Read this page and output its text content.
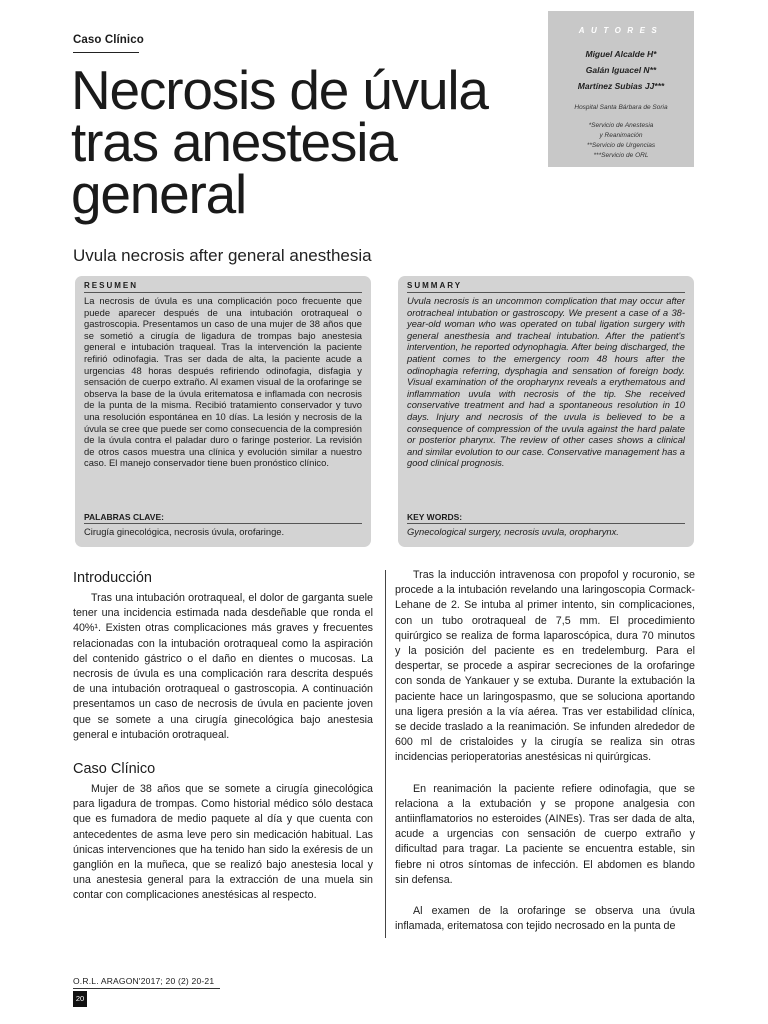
Caso Clínico
Necrosis de úvula
tras anestesia
general
Uvula necrosis after general anesthesia
AUTORES
Miguel Alcalde H*
Galán Iguacel N**
Martínez Subias JJ***
Hospital Santa Bárbara de Soria
*Servicio de Anestesia
y Reanimación
**Servicio de Urgencias
***Servicio de ORL
RESUMEN
La necrosis de úvula es una complicación poco frecuente que puede aparecer después de una intubación orotraqueal o gastroscopia. Presentamos un caso de una mujer de 38 años que se sometió a cirugía de ligadura de trompas bajo anestesia general e intubación traqueal. Tras la intervención la paciente refirió odinofagia. Tras ser dada de alta, la paciente acude a urgencias 48 horas después refiriendo odinofagia, disfagia y sensación de cuerpo extraño. Al examen visual de la orofaringe se observa la base de la úvula eritematosa e inflamada con necrosis de la punta de la misma. Recibió tratamiento conservador y tuvo una resolución espontánea en 10 días. La lesión y necrosis de la úvula se cree que puede ser como consecuencia de la compresión de la úvula contra el paladar duro o faringe posterior. La revisión de otros casos muestra una clínica y evolución similar a nuestro caso. El manejo conservador tiene buen pronóstico clínico.
PALABRAS CLAVE:
Cirugía ginecológica, necrosis úvula, orofaringe.
SUMMARY
Uvula necrosis is an uncommon complication that may occur after orotracheal intubation or gastroscopy. We present a case of a 38-year-old woman who was operated on tubal ligation surgery with general anesthesia and tracheal intubation. After the patient's intervention, he reported odynophagia. After being discharged, the patient comes to the emergency room 48 hours after the odinophagia referring, dysphagia and sensation of foreign body. Visual examination of the oropharynx reveals a erythematous and inflammation uvula with necrosis of the tip. She received conservative treatment and had a spontaneous resolution in 10 days. Injury and necrosis of the uvula is believed to be a consequence of compression of the uvula against the hard palate or posterior pharynx. The review of other cases shows a clinical and similar evolution to our case. Conservative management has a good clinical prognosis.
KEY WORDS:
Gynecological surgery, necrosis uvula, oropharynx.
Introducción

Tras una intubación orotraqueal, el dolor de garganta suele tener una incidencia estimada nada desdeñable que ronda el 40%¹. Existen otras complicaciones más graves y frecuentes relacionadas con la intubación orotraqueal como la aspiración del contenido gástrico o el daño en dientes o mucosas. La necrosis de úvula es una complicación rara descrita después de una intubación orotraqueal o gastroscopia. A continuación presentamos un caso de necrosis de úvula en paciente joven que se somete a una cirugía ginecológica bajo anestesia general e intubación orotraqueal.

Caso Clínico

Mujer de 38 años que se somete a cirugía ginecológica para ligadura de trompas. Como historial médico sólo destaca que es fumadora de medio paquete al día y que cuenta con antecedentes de asma leve pero sin medicación habitual. Las únicas intervenciones que ha tenido han sido la exéresis de un ganglión en la muñeca, que se realizó bajo anestesia local y una anestesia general para la extracción de una muela sin contar con complicaciones anestésicas al respecto.

Tras la inducción intravenosa con propofol y rocuronio, se procede a la intubación revelando una laringoscopia Cormack-Lehane de 2. Se intuba al primer intento, sin complicaciones, con un tubo orotraqueal de 7,5 mm. El procedimiento quirúrgico se realiza de forma laparoscópica, dura 70 minutos y la posición del paciente es en tredelemburg. Para el despertar, se procede a aspirar secreciones de la orofaringe con sonda de Yankauer y se extuba. Durante la extubación la paciente hace un laringospasmo, que se soluciona aportando una ligera presión a la vía aérea. Tras ver estabilidad clínica, se decide traslado a la reanimación. Se infunden alrededor de 600 ml de cristaloides y la cirugía se realiza sin otras incidencias perioperatorias anestésicas ni quirúrgicas.

En reanimación la paciente refiere odinofagia, que se relaciona a la extubación y se propone analgesia con antiinflamatorios no esteroides (AINEs). Tras ser dada de alta, acude a urgencias con sensación de cuerpo extraño y dificultad para tragar. La paciente se encuentra estable, sin fiebre ni otros síntomas de infección. El abdomen es blando sin defensa.

Al examen de la orofaringe se observa una úvula inflamada, eritematosa con tejido necrosado en la punta de

O.R.L. ARAGON'2017; 20 (2) 20-21
20
